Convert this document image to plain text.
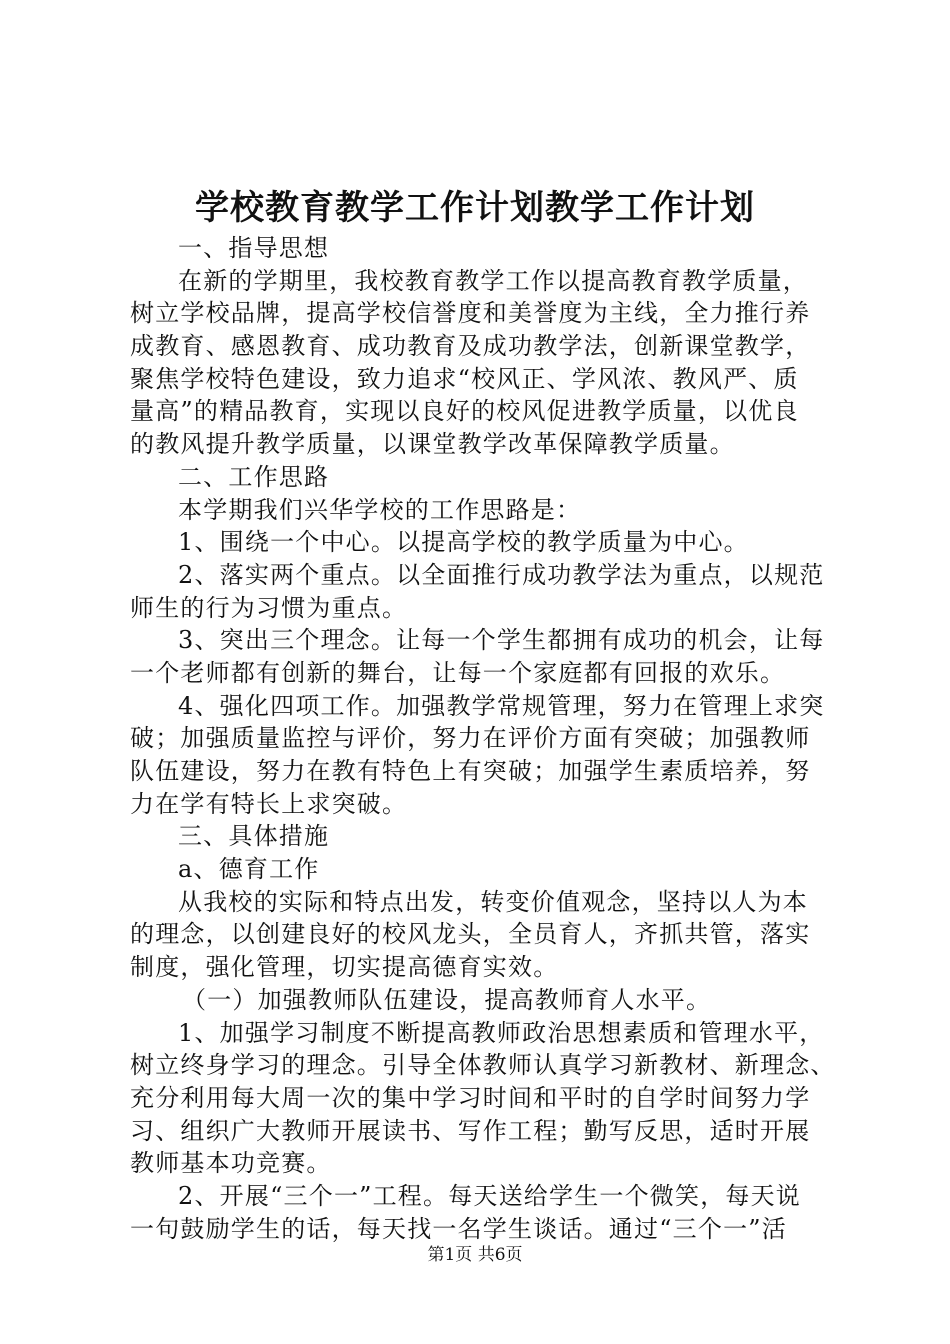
学校教育教学工作计划教学工作计划
一、指导思想
在新的学期里，我校教育教学工作以提高教育教学质量，
树立学校品牌，提高学校信誉度和美誉度为主线，全力推行养
成教育、感恩教育、成功教育及成功教学法，创新课堂教学，
聚焦学校特色建设，致力追求“校风正、学风浓、教风严、质
量高”的精品教育，实现以良好的校风促进教学质量，以优良
的教风提升教学质量，以课堂教学改革保障教学质量。
二、工作思路
本学期我们兴华学校的工作思路是：
1、围绕一个中心。以提高学校的教学质量为中心。
2、落实两个重点。以全面推行成功教学法为重点，以规范
师生的行为习惯为重点。
3、突出三个理念。让每一个学生都拥有成功的机会，让每
一个老师都有创新的舞台，让每一个家庭都有回报的欢乐。
4、强化四项工作。加强教学常规管理，努力在管理上求突
破；加强质量监控与评价，努力在评价方面有突破；加强教师
队伍建设，努力在教有特色上有突破；加强学生素质培养，努
力在学有特长上求突破。
三、具体措施
a、德育工作
从我校的实际和特点出发，转变价值观念，坚持以人为本
的理念，以创建良好的校风龙头，全员育人，齐抓共管，落实
制度，强化管理，切实提高德育实效。
（一）加强教师队伍建设，提高教师育人水平。
1、加强学习制度不断提高教师政治思想素质和管理水平，
树立终身学习的理念。引导全体教师认真学习新教材、新理念、
充分利用每大周一次的集中学习时间和平时的自学时间努力学
习、组织广大教师开展读书、写作工程；勤写反思，适时开展
教师基本功竞赛。
2、开展“三个一”工程。每天送给学生一个微笑，每天说
一句鼓励学生的话，每天找一名学生谈话。通过“三个一”活
第1页 共6页
